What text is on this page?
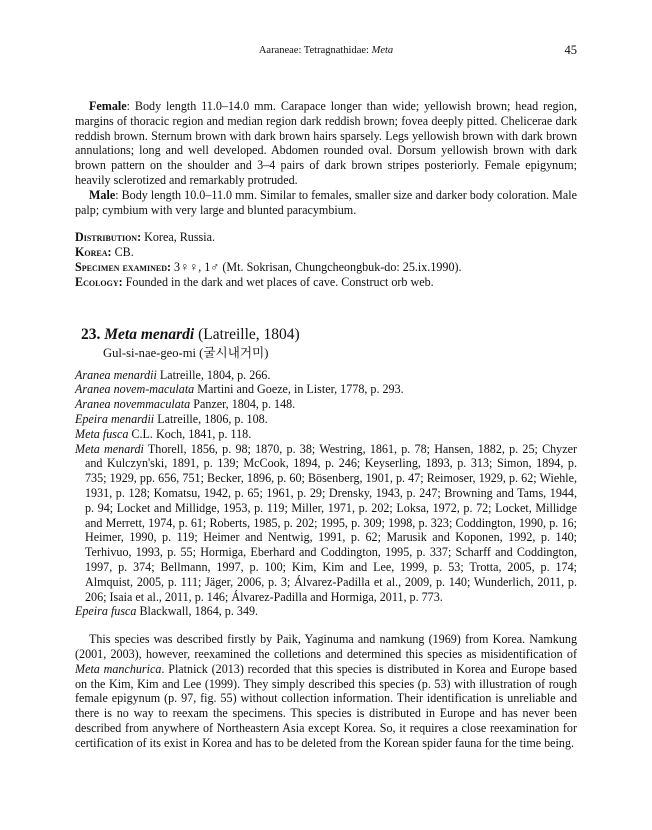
Aaraneae: Tetragnathidae: Meta	45

Female: Body length 11.0–14.0 mm. Carapace longer than wide; yellowish brown; head region, margins of thoracic region and median region dark reddish brown; fovea deeply pitted. Chelicerae dark reddish brown. Sternum brown with dark brown hairs sparsely. Legs yellowish brown with dark brown annulations; long and well developed. Abdomen rounded oval. Dorsum yellowish brown with dark brown pattern on the shoulder and 3–4 pairs of dark brown stripes posteriorly. Female epigynum; heavily sclerotized and remarkably protruded.

Male: Body length 10.0–11.0 mm. Similar to females, smaller size and darker body coloration. Male palp; cymbium with very large and blunted paracymbium.

Distribution: Korea, Russia.

Korea: CB.

Specimen examined: 3♀♀, 1♂ (Mt. Sokrisan, Chungcheongbuk-do: 25.ix.1990).

Ecology: Founded in the dark and wet places of cave. Construct orb web.

23. Meta menardi (Latreille, 1804)
Gul-si-nae-geo-mi (굴시내거미)

Aranea menardii Latreille, 1804, p. 266.

Aranea novem-maculata Martini and Goeze, in Lister, 1778, p. 293.

Aranea novemmaculata Panzer, 1804, p. 148.

Epeira menardii Latreille, 1806, p. 108.

Meta fusca C.L. Koch, 1841, p. 118.

Meta menardi Thorell, 1856, p. 98; 1870, p. 38; Westring, 1861, p. 78; Hansen, 1882, p. 25; Chyzer and Kulczyn'ski, 1891, p. 139; McCook, 1894, p. 246; Keyserling, 1893, p. 313; Simon, 1894, p. 735; 1929, pp. 656, 751; Becker, 1896, p. 60; Bösenberg, 1901, p. 47; Reimoser, 1929, p. 62; Wiehle, 1931, p. 128; Komatsu, 1942, p. 65; 1961, p. 29; Drensky, 1943, p. 247; Browning and Tams, 1944, p. 94; Locket and Millidge, 1953, p. 119; Miller, 1971, p. 202; Loksa, 1972, p. 72; Locket, Millidge and Merrett, 1974, p. 61; Roberts, 1985, p. 202; 1995, p. 309; 1998, p. 323; Coddington, 1990, p. 16; Heimer, 1990, p. 119; Heimer and Nentwig, 1991, p. 62; Marusik and Koponen, 1992, p. 140; Terhivuo, 1993, p. 55; Hormiga, Eberhard and Coddington, 1995, p. 337; Scharff and Coddington, 1997, p. 374; Bellmann, 1997, p. 100; Kim, Kim and Lee, 1999, p. 53; Trotta, 2005, p. 174; Almquist, 2005, p. 111; Jäger, 2006, p. 3; Álvarez-Padilla et al., 2009, p. 140; Wunderlich, 2011, p. 206; Isaia et al., 2011, p. 146; Álvarez-Padilla and Hormiga, 2011, p. 773.

Epeira fusca Blackwall, 1864, p. 349.

This species was described firstly by Paik, Yaginuma and namkung (1969) from Korea. Namkung (2001, 2003), however, reexamined the colletions and determined this species as misidentification of Meta manchurica. Platnick (2013) recorded that this species is distributed in Korea and Europe based on the Kim, Kim and Lee (1999). They simply described this species (p. 53) with illustration of rough female epigynum (p. 97, fig. 55) without collection information. Their identification is unreliable and there is no way to reexam the specimens. This species is distributed in Europe and has never been described from anywhere of Northeastern Asia except Korea. So, it requires a close reexamination for certification of its exist in Korea and has to be deleted from the Korean spider fauna for the time being.
